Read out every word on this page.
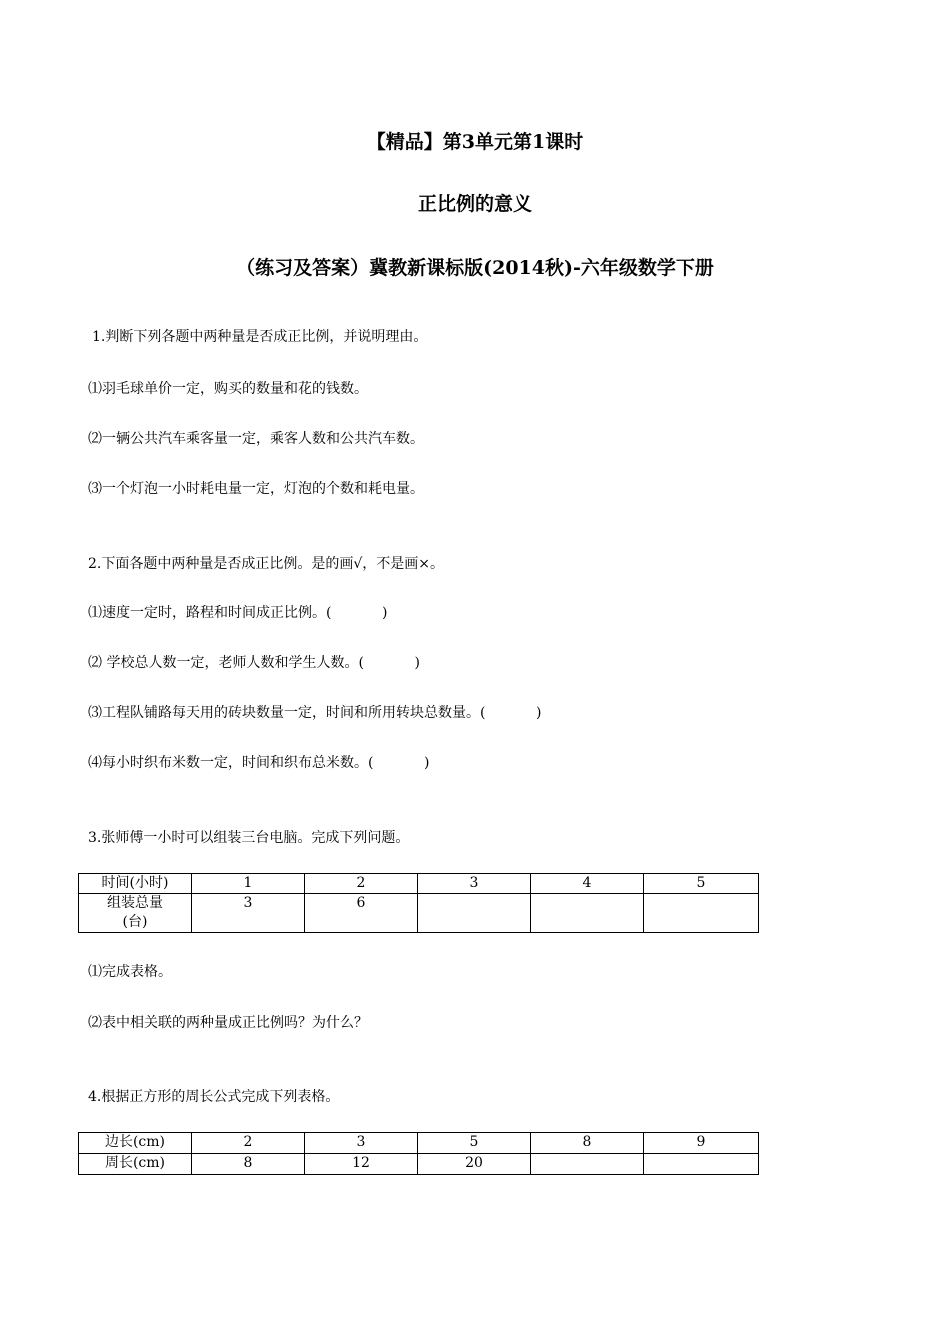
【精品】第3单元第1课时
正比例的意义
（练习及答案）冀教新课标版(2014秋)-六年级数学下册
1.判断下列各题中两种量是否成正比例，并说明理由。
⑴羽毛球单价一定，购买的数量和花的钱数。
⑵一辆公共汽车乘客量一定，乘客人数和公共汽车数。
⑶一个灯泡一小时耗电量一定，灯泡的个数和耗电量。
2.下面各题中两种量是否成正比例。是的画√，不是画×。
⑴速度一定时，路程和时间成正比例。(	)
⑵ 学校总人数一定，老师人数和学生人数。(	)
⑶工程队铺路每天用的砖块数量一定，时间和所用转块总数量。(	)
⑷每小时织布米数一定，时间和织布总米数。(	)
3.张师傅一小时可以组装三台电脑。完成下列问题。
时间(小时)	1	2	3	4	5

组装总量
(台)	3	6			
⑴完成表格。
⑵表中相关联的两种量成正比例吗？为什么？
4.根据正方形的周长公式完成下列表格。
边长(cm)	2	3	5	8	9
周长(cm)	8	12	20		
